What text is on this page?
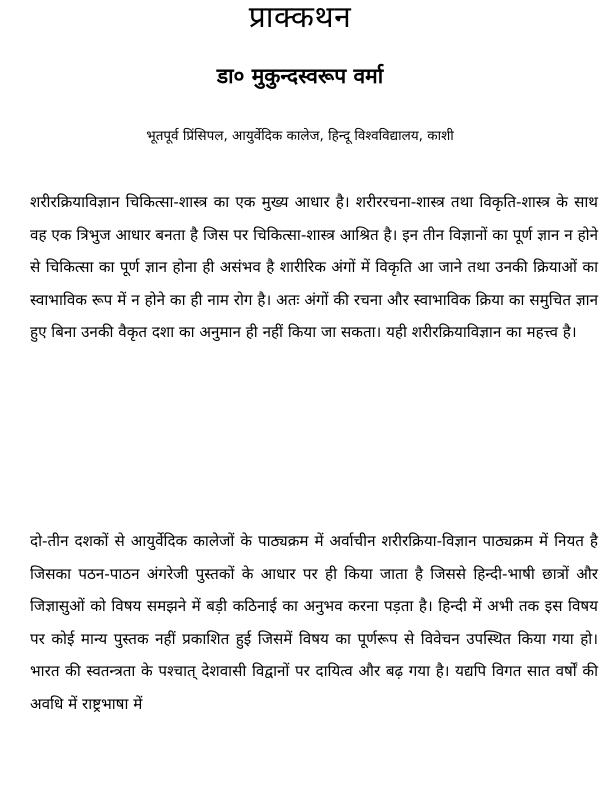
प्राक्कथन
डा० मुकुन्दस्वरूप वर्मा

भूतपूर्व प्रिंसिपल, आयुर्वेदिक कालेज, हिन्दू विश्वविद्यालय, काशी

शरीरक्रियाविज्ञान चिकित्सा-शास्त्र का एक मुख्य आधार है। शरीररचना-शास्त्र तथा विकृति-शास्त्र के साथ वह एक त्रिभुज आधार बनता है जिस पर चिकित्सा-शास्त्र आश्रित है। इन तीन विज्ञानों का पूर्ण ज्ञान न होने से चिकित्सा का पूर्ण ज्ञान होना ही असंभव है शारीरिक अंगों में विकृति आ जाने तथा उनकी क्रियाओं का स्वाभाविक रूप में न होने का ही नाम रोग है। अतः अंगों की रचना और स्वाभाविक क्रिया का समुचित ज्ञान हुए बिना उनकी वैकृत दशा का अनुमान ही नहीं किया जा सकता। यही शरीरक्रियाविज्ञान का महत्त्व है।

दो-तीन दशकों से आयुर्वेदिक कालेजों के पाठ्यक्रम में अर्वाचीन शरीरक्रिया-विज्ञान पाठ्यक्रम में नियत है जिसका पठन-पाठन अंगरेजी पुस्तकों के आधार पर ही किया जाता है जिससे हिन्दी-भाषी छात्रों और जिज्ञासुओं को विषय समझने में बड़ी कठिनाई का अनुभव करना पड़ता है। हिन्दी में अभी तक इस विषय पर कोई मान्य पुस्तक नहीं प्रकाशित हुई जिसमें विषय का पूर्णरूप से विवेचन उपस्थित किया गया हो। भारत की स्वतन्त्रता के पश्चात् देशवासी विद्वानों पर दायित्व और बढ़ गया है। यद्यपि विगत सात वर्षों की अवधि में राष्ट्रभाषा में
